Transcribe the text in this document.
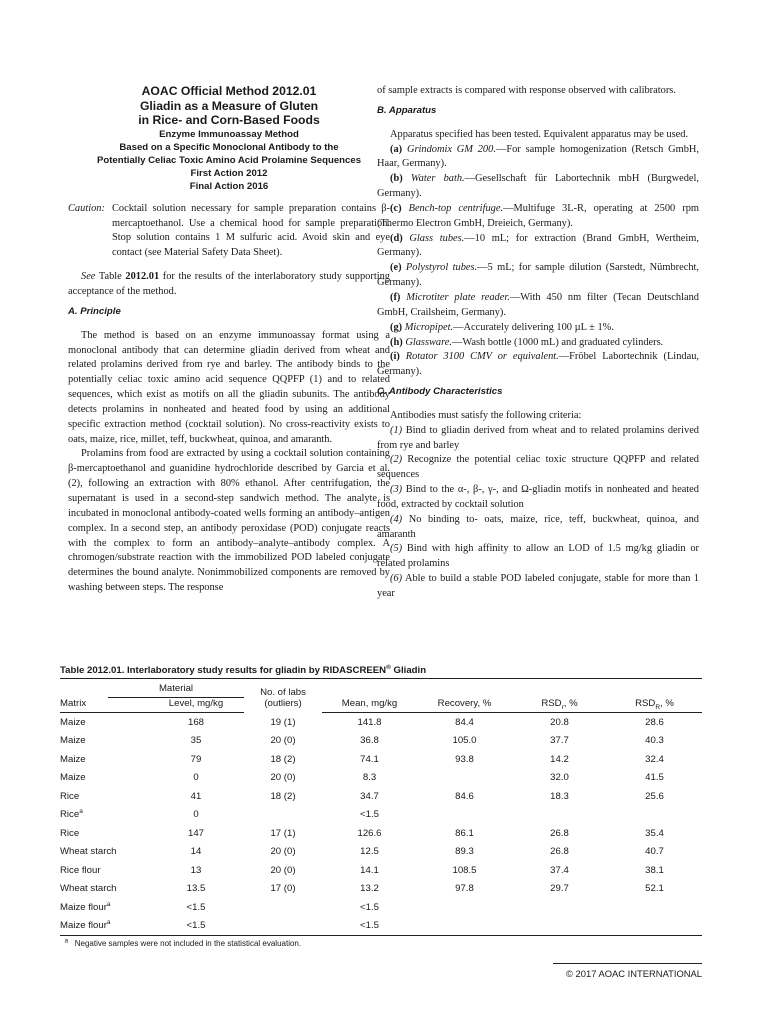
AOAC Official Method 2012.01
Gliadin as a Measure of Gluten
in Rice- and Corn-Based Foods
Enzyme Immunoassay Method
Based on a Specific Monoclonal Antibody to the
Potentially Celiac Toxic Amino Acid Prolamine Sequences
First Action 2012
Final Action 2016
Caution: Cocktail solution necessary for sample preparation contains β-mercaptoethanol. Use a chemical hood for sample preparation. Stop solution contains 1 M sulfuric acid. Avoid skin and eye contact (see Material Safety Data Sheet).

See Table 2012.01 for the results of the interlaboratory study supporting acceptance of the method.

A. Principle

The method is based on an enzyme immunoassay format using a monoclonal antibody that can determine gliadin derived from wheat and related prolamins derived from rye and barley. The antibody binds to the potentially celiac toxic amino acid sequence QQPFP (1) and to related sequences, which exist as motifs on all the gliadin subunits. The antibody detects prolamins in nonheated and heated food by using an additional specific extraction method (cocktail solution). No cross-reactivity exists to oats, maize, rice, millet, teff, buckwheat, quinoa, and amaranth.

Prolamins from food are extracted by using a cocktail solution containing β-mercaptoethanol and guanidine hydrochloride described by Garcia et al. (2), following an extraction with 80% ethanol. After centrifugation, the supernatant is used in a second-step sandwich method. The analyte is incubated in monoclonal antibody-coated wells forming an antibody–antigen complex. In a second step, an antibody peroxidase (POD) conjugate reacts with the complex to form an antibody–analyte–antibody complex. A chromogen/substrate reaction with the immobilized POD labeled conjugate determines the bound analyte. Nonimmobilized components are removed by washing between steps. The response

of sample extracts is compared with response observed with calibrators.

B. Apparatus

Apparatus specified has been tested. Equivalent apparatus may be used.

(a) Grindomix GM 200.—For sample homogenization (Retsch GmbH, Haar, Germany).

(b) Water bath.—Gesellschaft für Labortechnik mbH (Burgwedel, Germany).

(c) Bench-top centrifuge.—Multifuge 3L-R, operating at 2500 rpm (Thermo Electron GmbH, Dreieich, Germany).

(d) Glass tubes.—10 mL; for extraction (Brand GmbH, Wertheim, Germany).

(e) Polystyrol tubes.—5 mL; for sample dilution (Sarstedt, Nümbrecht, Germany).

(f) Microtiter plate reader.—With 450 nm filter (Tecan Deutschland GmbH, Crailsheim, Germany).

(g) Micropipet.—Accurately delivering 100 µL ± 1%.

(h) Glassware.—Wash bottle (1000 mL) and graduated cylinders.

(i) Rotator 3100 CMV or equivalent.—Fröbel Labortechnik (Lindau, Germany).

C. Antibody Characteristics

Antibodies must satisfy the following criteria:

(1) Bind to gliadin derived from wheat and to related prolamins derived from rye and barley

(2) Recognize the potential celiac toxic structure QQPFP and related sequences

(3) Bind to the α-, β-, γ-, and Ω-gliadin motifs in nonheated and heated food, extracted by cocktail solution

(4) No binding to- oats, maize, rice, teff, buckwheat, quinoa, and amaranth

(5) Bind with high affinity to allow an LOD of 1.5 mg/kg gliadin or related prolamins

(6) Able to build a stable POD labeled conjugate, stable for more than 1 year

Table 2012.01. Interlaboratory study results for gliadin by RIDASCREEN® Gliadin

	Material	No. of labs
(outliers)				

Matrix	Level, mg/kg		Mean, mg/kg	Recovery, %	$RSD_r$, %	$RSD_R$, %
Maize	168	19 (1)	141.8	84.4	20.8	28.6
Maize	35	20 (0)	36.8	105.0	37.7	40.3
Maize	79	18 (2)	74.1	93.8	14.2	32.4
Maize	0	20 (0)	8.3		32.0	41.5
Rice	41	18 (2)	34.7	84.6	18.3	25.6
Rice$^a$	0		<1.5			
Rice	147	17 (1)	126.6	86.1	26.8	35.4
Wheat starch	14	20 (0)	12.5	89.3	26.8	40.7
Rice flour	13	20 (0)	14.1	108.5	37.4	38.1
Wheat starch	13.5	17 (0)	13.2	97.8	29.7	52.1
Maize flour$^a$	<1.5		<1.5			
Maize flour$^a$	<1.5		<1.5			
$^a$ Negative samples were not included in the statistical evaluation.
© 2017 AOAC INTERNATIONAL
